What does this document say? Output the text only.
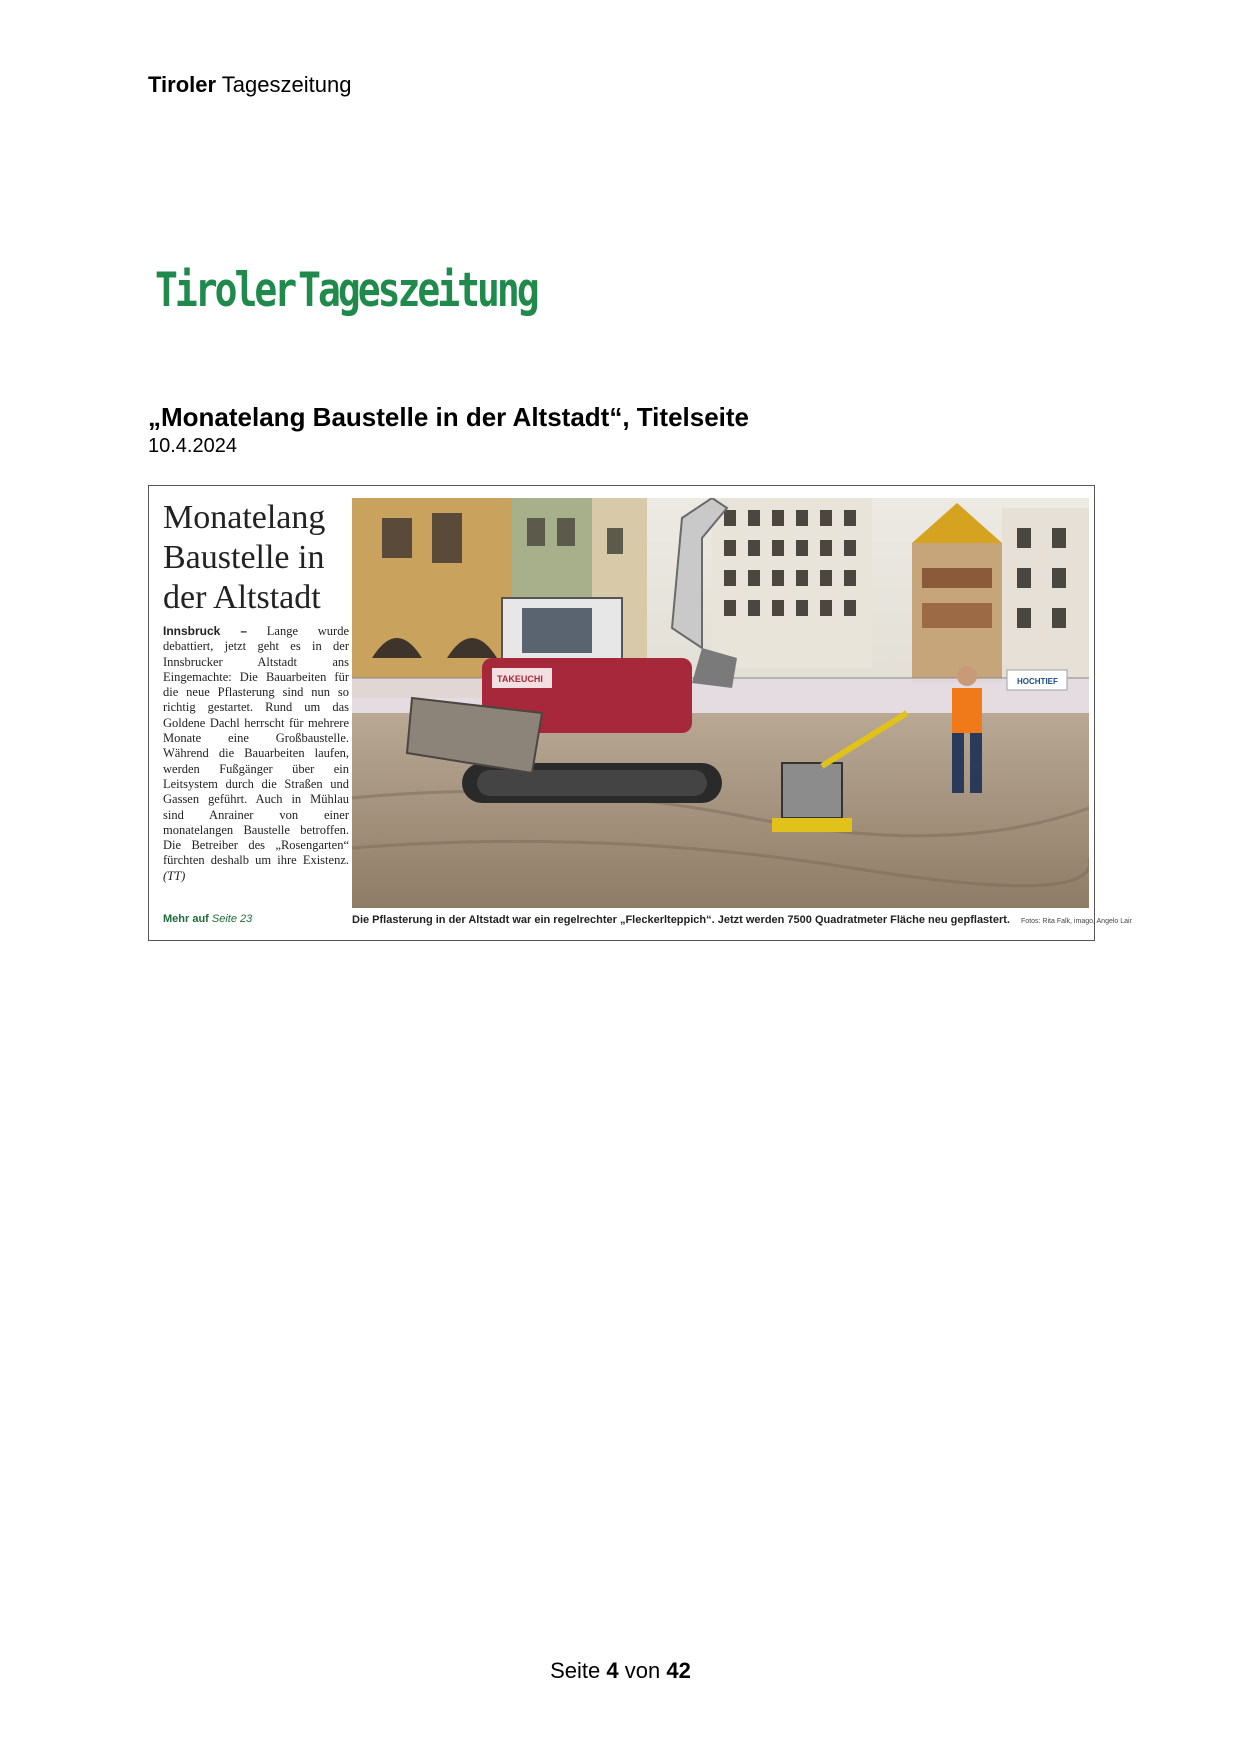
Tiroler Tageszeitung
Tiroler Tageszeitung
„Monatelang Baustelle in der Altstadt“, Titelseite
10.4.2024
Monatelang
Baustelle in
der Altstadt
Innsbruck – Lange wurde debattiert, jetzt geht es in der Innsbrucker Altstadt ans Eingemachte: Die Bauarbeiten für die neue Pflasterung sind nun so richtig gestartet. Rund um das Goldene Dachl herrscht für mehrere Monate eine Großbaustelle. Während die Bauarbeiten laufen, werden Fußgänger über ein Leitsystem durch die Straßen und Gassen geführt. Auch in Mühlau sind Anrainer von einer monatelangen Baustelle betroffen. Die Betreiber des „Rosengarten“ fürchten deshalb um ihre Existenz. (TT)
Mehr auf Seite 23
HOCHTIEF
TAKEUCHI
Die Pflasterung in der Altstadt war ein regelrechter „Fleckerlteppich“. Jetzt werden 7500 Quadratmeter Fläche neu gepflastert. Fotos: Rita Falk, imago, Angelo Lair
Seite 4 von 42
